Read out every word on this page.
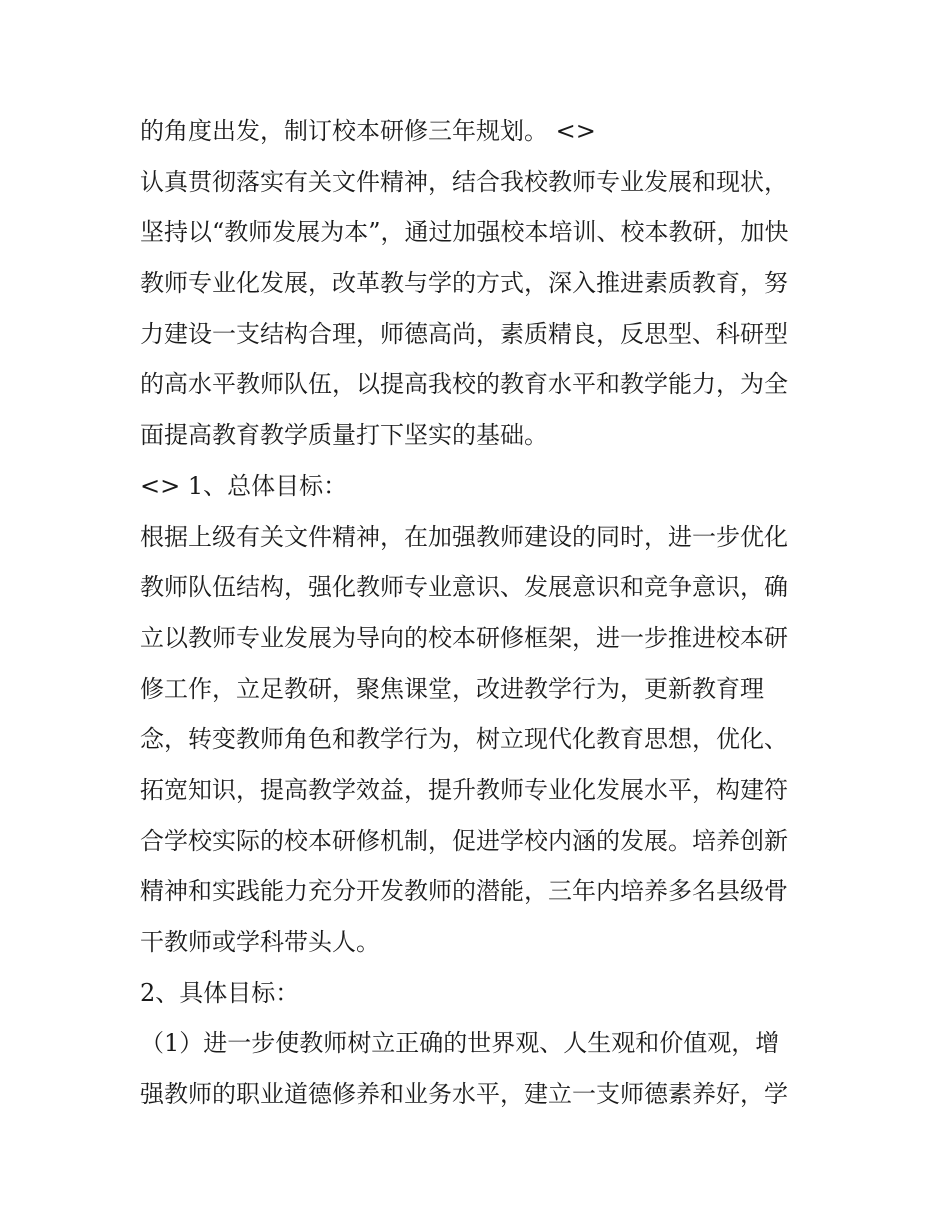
的角度出发，制订校本研修三年规划。 <>
认真贯彻落实有关文件精神，结合我校教师专业发展和现状，
坚持以“教师发展为本”，通过加强校本培训、校本教研，加快
教师专业化发展，改革教与学的方式，深入推进素质教育，努
力建设一支结构合理，师德高尚，素质精良，反思型、科研型
的高水平教师队伍，以提高我校的教育水平和教学能力，为全
面提高教育教学质量打下坚实的基础。
<> 1、总体目标：
根据上级有关文件精神，在加强教师建设的同时，进一步优化
教师队伍结构，强化教师专业意识、发展意识和竞争意识，确
立以教师专业发展为导向的校本研修框架，进一步推进校本研
修工作，立足教研，聚焦课堂，改进教学行为，更新教育理
念，转变教师角色和教学行为，树立现代化教育思想，优化、
拓宽知识，提高教学效益，提升教师专业化发展水平，构建符
合学校实际的校本研修机制，促进学校内涵的发展。培养创新
精神和实践能力充分开发教师的潜能，三年内培养多名县级骨
干教师或学科带头人。
2、具体目标：
（1）进一步使教师树立正确的世界观、人生观和价值观，增
强教师的职业道德修养和业务水平，建立一支师德素养好，学
